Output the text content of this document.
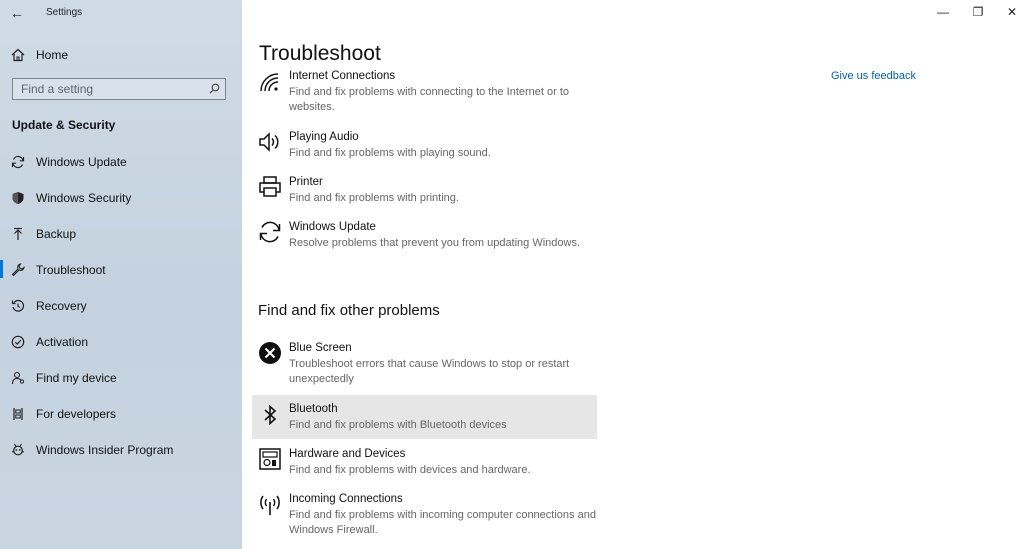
←	Settings
Home
Find a setting
Update & Security
Windows Update
Windows Security
Backup
Troubleshoot
Recovery
Activation
Find my device
For developers
Windows Insider Program
—	❐	✕
Troubleshoot
Give us feedback
Internet Connections
Find and fix problems with connecting to the Internet or to websites.
Playing Audio
Find and fix problems with playing sound.
Printer
Find and fix problems with printing.
Windows Update
Resolve problems that prevent you from updating Windows.
Find and fix other problems
Blue Screen
Troubleshoot errors that cause Windows to stop or restart unexpectedly
Bluetooth
Find and fix problems with Bluetooth devices
Hardware and Devices
Find and fix problems with devices and hardware.
Incoming Connections
Find and fix problems with incoming computer connections and Windows Firewall.
